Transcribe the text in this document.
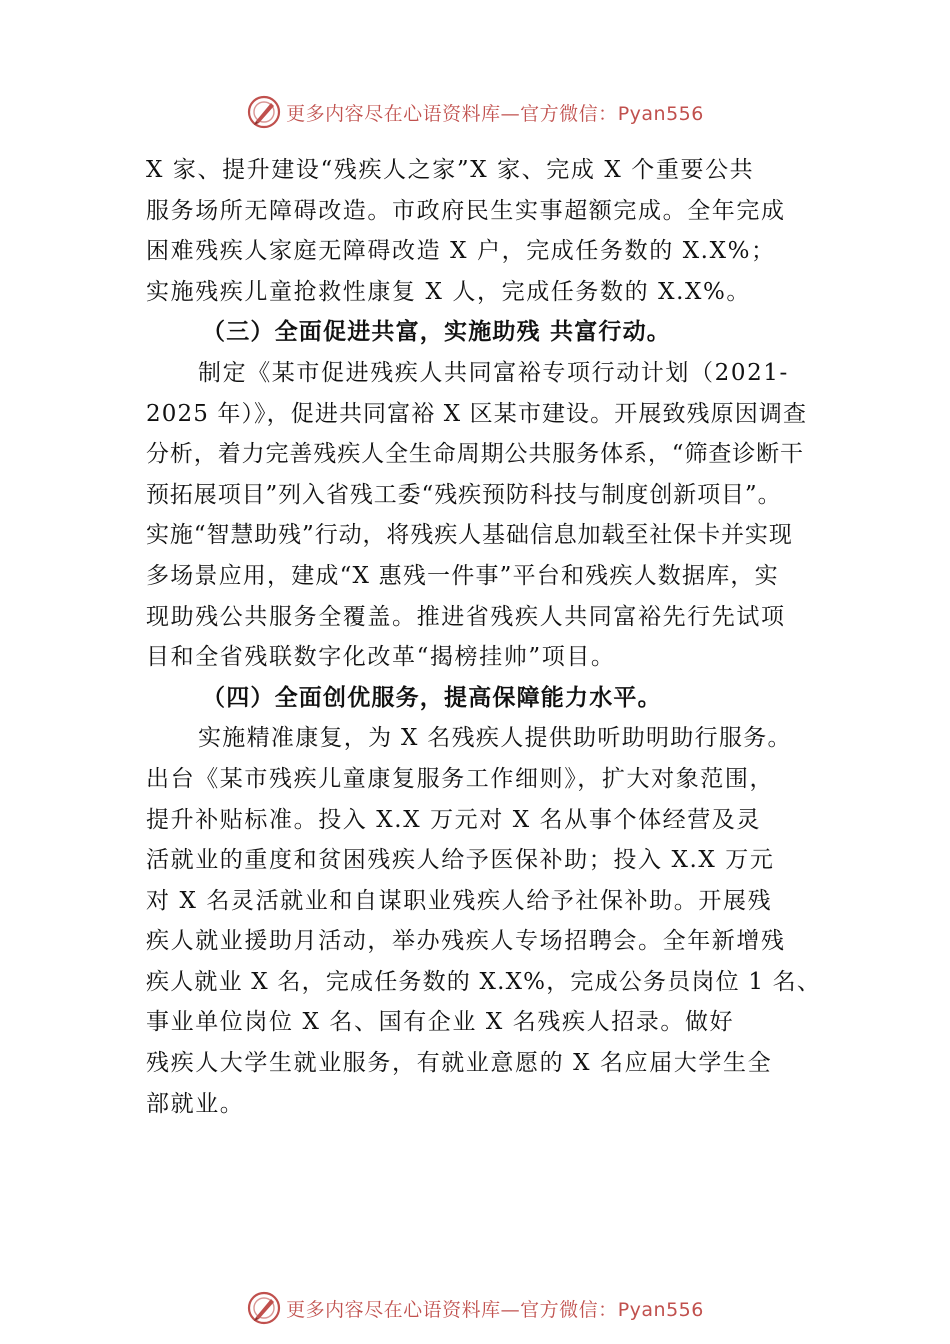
更多内容尽在心语资料库—官方微信：Pyan556
X 家、提升建设“残疾人之家”X 家、完成 X 个重要公共
服务场所无障碍改造。市政府民生实事超额完成。全年完成
困难残疾人家庭无障碍改造 X 户，完成任务数的 X.X%；
实施残疾儿童抢救性康复 X 人，完成任务数的 X.X%。
（三）全面促进共富，实施助残 共富行动。
制定《某市促进残疾人共同富裕专项行动计划（2021-
2025 年）》，促进共同富裕 X 区某市建设。开展致残原因调查
分析，着力完善残疾人全生命周期公共服务体系，“筛查诊断干
预拓展项目”列入省残工委“残疾预防科技与制度创新项目”。
实施“智慧助残”行动，将残疾人基础信息加载至社保卡并实现
多场景应用，建成“X 惠残一件事”平台和残疾人数据库，实
现助残公共服务全覆盖。推进省残疾人共同富裕先行先试项
目和全省残联数字化改革“揭榜挂帅”项目。
（四）全面创优服务，提高保障能力水平。
实施精准康复，为 X 名残疾人提供助听助明助行服务。
出台《某市残疾儿童康复服务工作细则》，扩大对象范围，
提升补贴标准。投入 X.X 万元对 X 名从事个体经营及灵
活就业的重度和贫困残疾人给予医保补助；投入 X.X 万元
对 X 名灵活就业和自谋职业残疾人给予社保补助。开展残
疾人就业援助月活动，举办残疾人专场招聘会。全年新增残
疾人就业 X 名，完成任务数的 X.X%，完成公务员岗位 1 名、
事业单位岗位 X 名、国有企业 X 名残疾人招录。做好
残疾人大学生就业服务，有就业意愿的 X 名应届大学生全
部就业。
更多内容尽在心语资料库—官方微信：Pyan556
